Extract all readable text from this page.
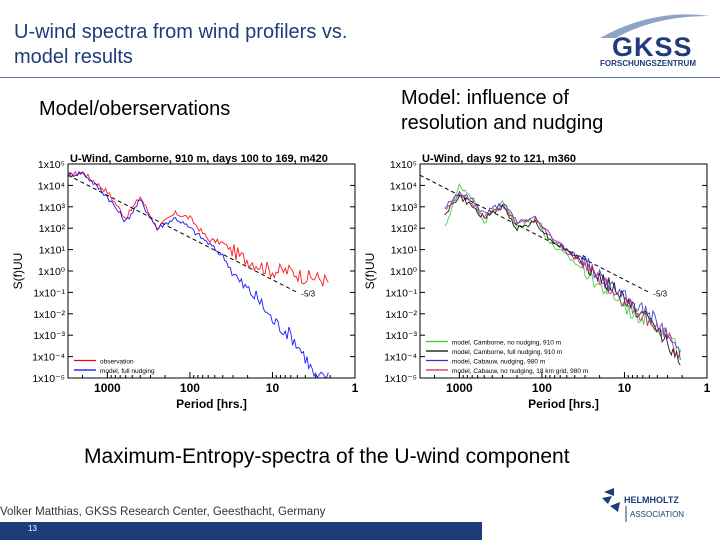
U-wind spectra from wind profilers vs.
model results	GKSS
FORSCHUNGSZENTRUM
Model/oberservations	Model: influence of
resolution and nudging
U-Wind, Camborne, 910 m, days 100 to 169, m420
1x10⁵
1x10⁴
1x10³
1x10²
1x10¹
1x10⁰
1x10⁻¹
1x10⁻²
1x10⁻³
1x10⁻⁴
1x10⁻⁵
1000	100	10	1
Period [hrs.]
S(f)UU
-5/3
observation
model, full nudging
U-Wind, days 92 to 121, m360
1x10⁵
1x10⁴
1x10³
1x10²
1x10¹
1x10⁰
1x10⁻¹
1x10⁻²
1x10⁻³
1x10⁻⁴
1x10⁻⁵
1000	100	10	1
Period [hrs.]
S(f)UU
-5/3
model, Camborne, no nudging, 910 m
model, Camborne, full nudging, 910 m
model, Cabauw, nudging, 980 m
model, Cabauw, no nudging, 18 km grid, 980 m
Maximum-Entropy-spectra of the U-wind component
Volker Matthias, GKSS Research Center, Geesthacht, Germany
13
HELMHOLTZ
ASSOCIATION
